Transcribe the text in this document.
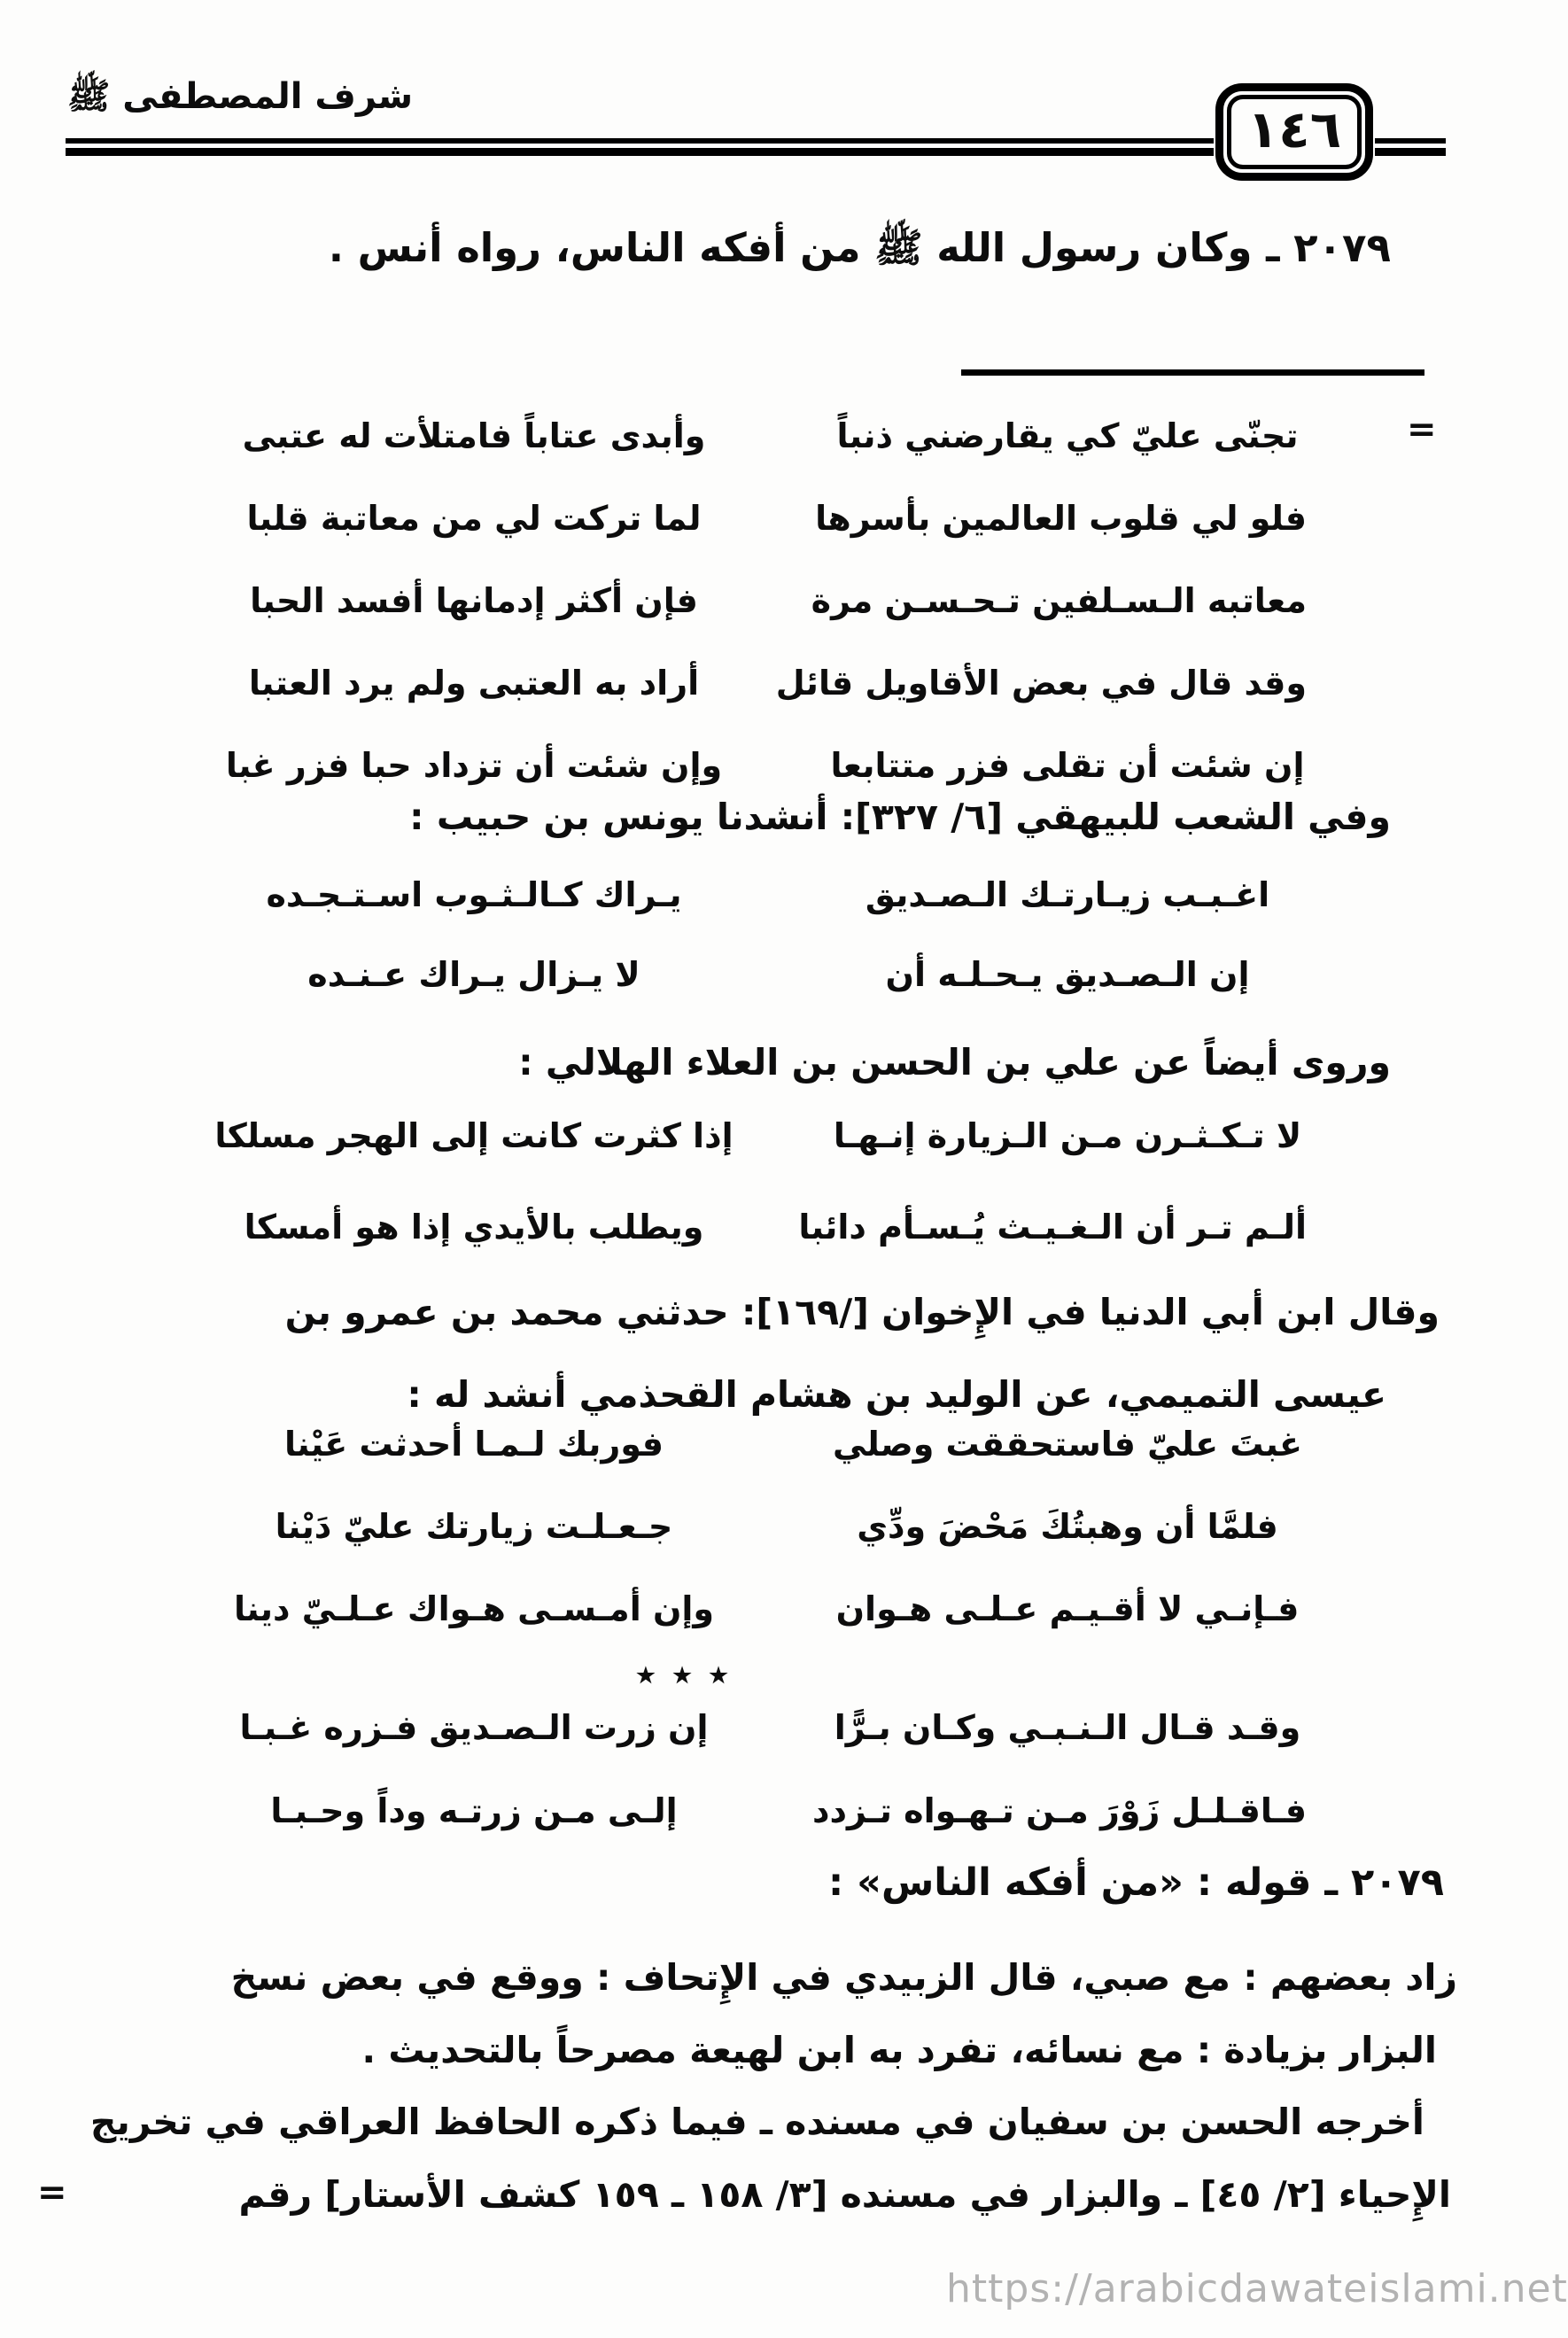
شرف المصطفى ﷺ
١٤٦
٢٠٧٩ ـ وكان رسول الله ﷺ من أفكه الناس، رواه أنس .
=
تجنّى عليّ كي يقارضني ذنباً
وأبدى عتاباً فامتلأت له عتبى
فلو لي قلوب العالمين بأسرها
لما تركت لي من معاتبة قلبا
معاتبه الـسـلفين تـحـسـن مرة
فإن أكثر إدمانها أفسد الحبا
وقد قال في بعض الأقاويل قائل
أراد به العتبى ولم يرد العتبا
إن شئت أن تقلى فزر متتابعا
وإن شئت أن تزداد حبا فزر غبا
وفي الشعب للبيهقي [٦/ ٣٢٧]: أنشدنا يونس بن حبيب :
اغـبـب زيـارتـك الـصـديق
يـراك كـالـثـوب اسـتـجـده
إن الـصـديق يـحـلـه أن
لا يـزال يـراك عـنـده
وروى أيضاً عن علي بن الحسن بن العلاء الهلالي :
لا تـكـثـرن مـن الـزيارة إنـهـا
إذا كثرت كانت إلى الهجر مسلكا
ألـم تـر أن الـغـيـث يُـسـأم دائبا
ويطلب بالأيدي إذا هو أمسكا
وقال ابن أبي الدنيا في الإِخوان [/١٦٩]: حدثني محمد بن عمرو بن
عيسى التميمي، عن الوليد بن هشام القحذمي أنشد له :
غبتَ عليّ فاستحققت وصلي
فوربك لـمـا أحدثت عَيْنا
فلمَّا أن وهبتُكَ مَحْضَ ودِّي
جـعـلـت زيارتك عليّ دَيْنا
فـإنـي لا أقـيـم عـلـى هـوان
وإن أمـسـى هـواك عـلـيّ دينا
٭ ٭ ٭
وقـد قـال الـنـبـي وكـان بـرًّا
إن زرت الـصـديق فـزره غـبـا
فـاقـلـل زَوْرَ مـن تـهـواه تـزدد
إلـى مـن زرتـه وداً وحـبـا
٢٠٧٩ ـ قوله : «من أفكه الناس» :
زاد بعضهم : مع صبي، قال الزبيدي في الإِتحاف : ووقع في بعض نسخ
البزار بزيادة : مع نسائه، تفرد به ابن لهيعة مصرحاً بالتحديث .
أخرجه الحسن بن سفيان في مسنده ـ فيما ذكره الحافظ العراقي في تخريج
الإِحياء [٢/ ٤٥] ـ والبزار في مسنده [٣/ ١٥٨ ـ ١٥٩ كشف الأستار] رقم
=
https://arabicdawateislami.net
